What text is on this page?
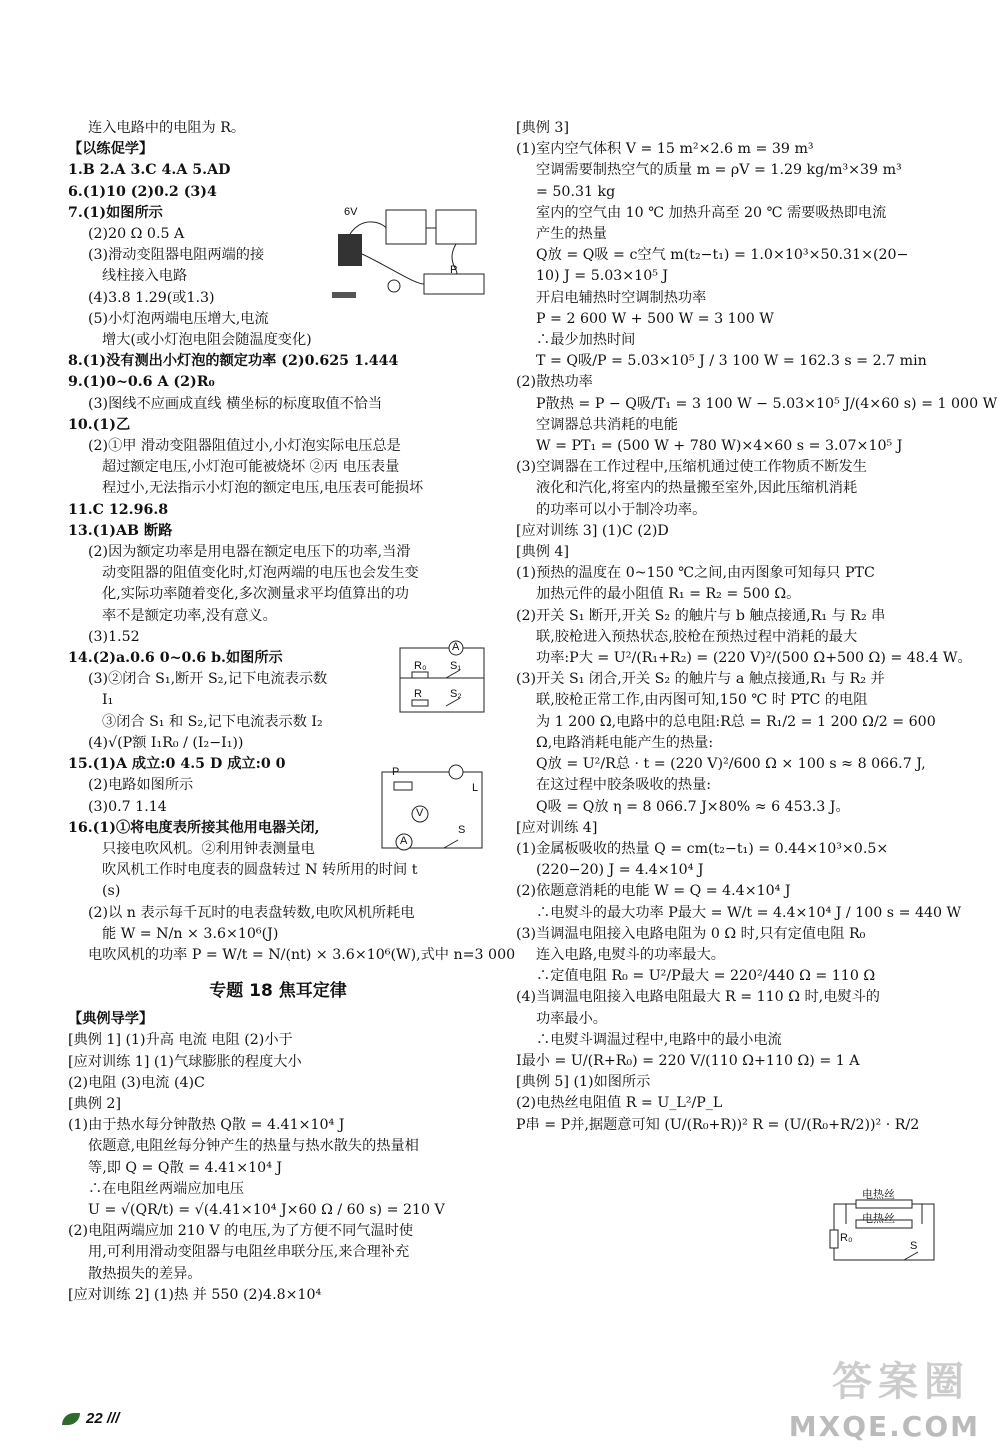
连入电路中的电阻为 R。
【以练促学】
1.B 2.A 3.C 4.A 5.AD
6.(1)10 (2)0.2 (3)4
7.(1)如图所示
(2)20 Ω 0.5 A
(3)滑动变阻器电阻两端的接
线柱接入电路
(4)3.8 1.29(或1.3)
(5)小灯泡两端电压增大,电流
增大(或小灯泡电阻会随温度变化)
8.(1)没有测出小灯泡的额定功率 (2)0.625 1.444
9.(1)0~0.6 A (2)R₀
(3)图线不应画成直线 横坐标的标度取值不恰当
10.(1)乙
(2)①甲 滑动变阻器阻值过小,小灯泡实际电压总是
超过额定电压,小灯泡可能被烧坏 ②丙 电压表量
程过小,无法指示小灯泡的额定电压,电压表可能损坏
11.C 12.96.8
13.(1)AB 断路
(2)因为额定功率是用电器在额定电压下的功率,当滑
动变阻器的阻值变化时,灯泡两端的电压也会发生变
化,实际功率随着变化,多次测量求平均值算出的功
率不是额定功率,没有意义。
(3)1.52
14.(2)a.0.6 0~0.6 b.如图所示
(3)②闭合 S₁,断开 S₂,记下电流表示数
I₁
③闭合 S₁ 和 S₂,记下电流表示数 I₂
(4)√(P额 I₁R₀ / (I₂−I₁))
15.(1)A 成立:0 4.5 D 成立:0 0
(2)电路如图所示
(3)0.7 1.14
16.(1)①将电度表所接其他用电器关闭,
只接电吹风机。②利用钟表测量电
吹风机工作时电度表的圆盘转过 N 转所用的时间 t
(s)
(2)以 n 表示每千瓦时的电表盘转数,电吹风机所耗电
能 W = N/n × 3.6×10⁶(J)
电吹风机的功率 P = W/t = N/(nt) × 3.6×10⁶(W),式中 n=3 000
专题 18 焦耳定律
【典例导学】
[典例 1] (1)升高 电流 电阻 (2)小于
[应对训练 1] (1)气球膨胀的程度大小
(2)电阻 (3)电流 (4)C
[典例 2]
(1)由于热水每分钟散热 Q散 = 4.41×10⁴ J
依题意,电阻丝每分钟产生的热量与热水散失的热量相
等,即 Q = Q散 = 4.41×10⁴ J
∴在电阻丝两端应加电压
U = √(QR/t) = √(4.41×10⁴ J×60 Ω / 60 s) = 210 V
(2)电阻两端应加 210 V 的电压,为了方便不同气温时使
用,可利用滑动变阻器与电阻丝串联分压,来合理补充
散热损失的差异。
[应对训练 2] (1)热 并 550 (2)4.8×10⁴
[典例 3]
(1)室内空气体积 V = 15 m²×2.6 m = 39 m³
空调需要制热空气的质量 m = ρV = 1.29 kg/m³×39 m³
= 50.31 kg
室内的空气由 10 ℃ 加热升高至 20 ℃ 需要吸热即电流
产生的热量
Q放 = Q吸 = c空气 m(t₂−t₁) = 1.0×10³×50.31×(20−
10) J = 5.03×10⁵ J
开启电辅热时空调制热功率
P = 2 600 W + 500 W = 3 100 W
∴最少加热时间
T = Q吸/P = 5.03×10⁵ J / 3 100 W = 162.3 s = 2.7 min
(2)散热功率
P散热 = P − Q吸/T₁ = 3 100 W − 5.03×10⁵ J/(4×60 s) = 1 000 W
空调器总共消耗的电能
W = PT₁ = (500 W + 780 W)×4×60 s = 3.07×10⁵ J
(3)空调器在工作过程中,压缩机通过使工作物质不断发生
液化和汽化,将室内的热量搬至室外,因此压缩机消耗
的功率可以小于制冷功率。
[应对训练 3] (1)C (2)D
[典例 4]
(1)预热的温度在 0~150 ℃之间,由丙图象可知每只 PTC
加热元件的最小阻值 R₁ = R₂ = 500 Ω。
(2)开关 S₁ 断开,开关 S₂ 的触片与 b 触点接通,R₁ 与 R₂ 串
联,胶枪进入预热状态,胶枪在预热过程中消耗的最大
功率:P大 = U²/(R₁+R₂) = (220 V)²/(500 Ω+500 Ω) = 48.4 W。
(3)开关 S₁ 闭合,开关 S₂ 的触片与 a 触点接通,R₁ 与 R₂ 并
联,胶枪正常工作,由丙图可知,150 ℃ 时 PTC 的电阻
为 1 200 Ω,电路中的总电阻:R总 = R₁/2 = 1 200 Ω/2 = 600
Ω,电路消耗电能产生的热量:
Q放 = U²/R总 · t = (220 V)²/600 Ω × 100 s ≈ 8 066.7 J,
在这过程中胶条吸收的热量:
Q吸 = Q放 η = 8 066.7 J×80% ≈ 6 453.3 J。
[应对训练 4]
(1)金属板吸收的热量 Q = cm(t₂−t₁) = 0.44×10³×0.5×
(220−20) J = 4.4×10⁴ J
(2)依题意消耗的电能 W = Q = 4.4×10⁴ J
∴电熨斗的最大功率 P最大 = W/t = 4.4×10⁴ J / 100 s = 440 W
(3)当调温电阻接入电路电阻为 0 Ω 时,只有定值电阻 R₀
连入电路,电熨斗的功率最大。
∴定值电阻 R₀ = U²/P最大 = 220²/440 Ω = 110 Ω
(4)当调温电阻接入电路电阻最大 R = 110 Ω 时,电熨斗的
功率最小。
∴电熨斗调温过程中,电路中的最小电流
I最小 = U/(R+R₀) = 220 V/(110 Ω+110 Ω) = 1 A
[典例 5] (1)如图所示
(2)电热丝电阻值 R = U_L²/P_L
P串 = P并,据题意可知 (U/(R₀+R))² R = (U/(R₀+R/2))² · R/2
6V
P
A
R₀
R
S₁
S₂
P
L
V
A
S
电热丝
电热丝
R₀
S
22 ///
答案圈
MXQE.COM
